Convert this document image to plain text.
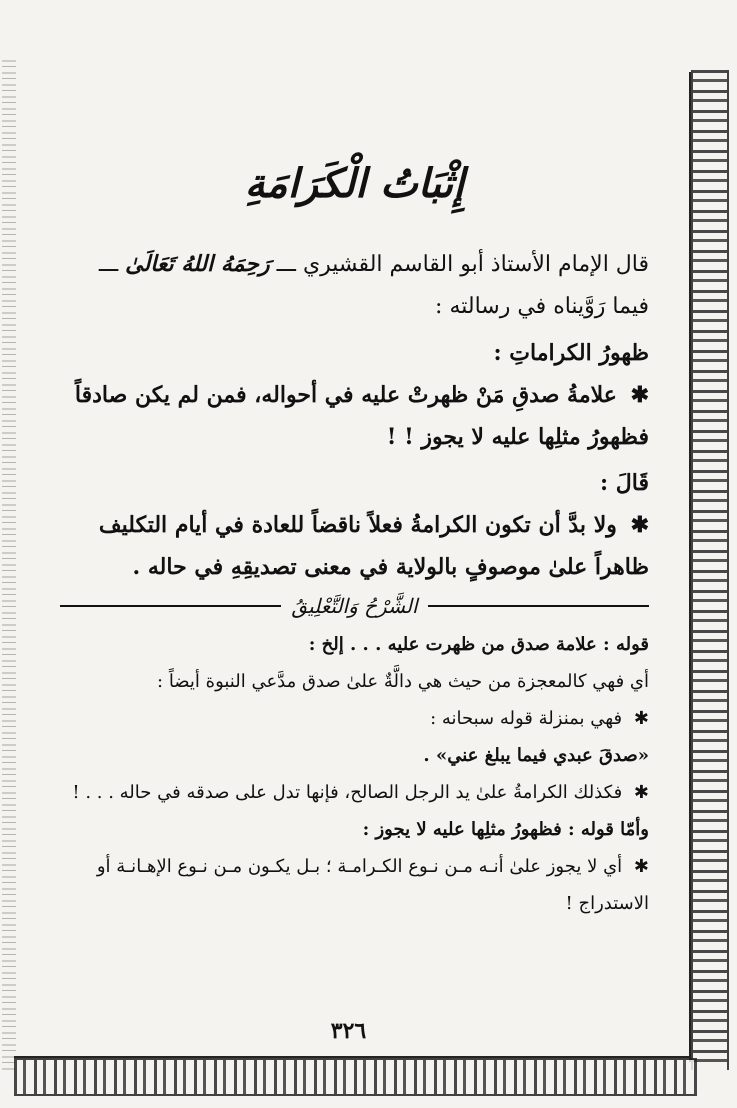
إِثْبَاتُ الْكَرَامَةِ

قال الإمام الأستاذ أبو القاسم القشيري ـــ رَحِمَهُ اللهُ تَعَالَىٰ ـــ فيما رَوَّيناه في رسالته :

ظهورُ الكراماتِ :

✱ علامةُ صدقِ مَنْ ظهرتْ عليه في أحواله، فمن لم يكن صادقاً فظهورُ مثلِها عليه لا يجوز ! !

قَالَ :

✱ ولا بدَّ أن تكون الكرامةُ فعلاً ناقضاً للعادة في أيام التكليف ظاهراً علىٰ موصوفٍ بالولاية في معنى تصديقِهِ في حاله .

الشَّرْحُ وَالتَّعْلِيقُ

قوله : علامة صدق من ظهرت عليه . . . إلخ :

أي فهي كالمعجزة من حيث هي دالَّةٌ علىٰ صدق مدَّعي النبوة أيضاً :

✱ فهي بمنزلة قوله سبحانه :

«صدقَ عبدي فيما يبلغ عني» .

✱ فكذلك الكرامةُ علىٰ يد الرجل الصالح، فإنها تدل على صدقه في حاله . . . !

وأمّا قوله : فظهورُ مثلِها عليه لا يجوز :

✱ أي لا يجوز علىٰ أنـه مـن نـوع الكـرامـة ؛ بـل يكـون مـن نـوع الإهـانـة أو الاستدراج !

٣٢٦
